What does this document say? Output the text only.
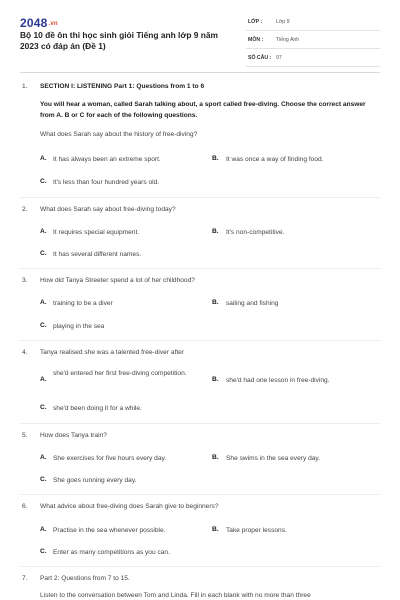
2048.vn
Bộ 10 đề ôn thi học sinh giỏi Tiếng anh lớp 9 năm 2023 có đáp án (Đề 1)
LỚP :	Lớp 9
MÔN : Tiếng Anh
SỐ CÂU : 97
1. SECTION I: LISTENING Part 1: Questions from 1 to 6
You will hear a woman, called Sarah talking about, a sport called free-diving. Choose the correct answer from A. B or C for each of the following questions.
What does Sarah say about the history of free-diving?
A. It has always been an extreme sport.	B. It was once a way of finding food.
C. It's less than four hundred years old.
2. What does Sarah say about free-diving today?
A. It requires special equipment.	B. It's non-competitive.
C. It has several different names.
3. How did Tanya Streeter spend a lot of her childhood?
A. training to be a diver	B. sailing and fishing
C. playing in the sea
4. Tanya realised she was a talented free-diver after
A.
she'd entered her first free-diving competition.
B. she'd had one lesson in free-diving.
C. she'd been doing it for a while.
5. How does Tanya train?
A. She exercises for five hours every day.	B. She swims in the sea every day.
C. She goes running every day.
6. What advice about free-diving does Sarah give to beginners?
A. Practise in the sea whenever possible.	B. Take proper lessons.
C. Enter as many competitions as you can.
7. Part 2: Questions from 7 to 15.
Listen to the conversation between Tom and Linda. Fill in each blank with no more than three
